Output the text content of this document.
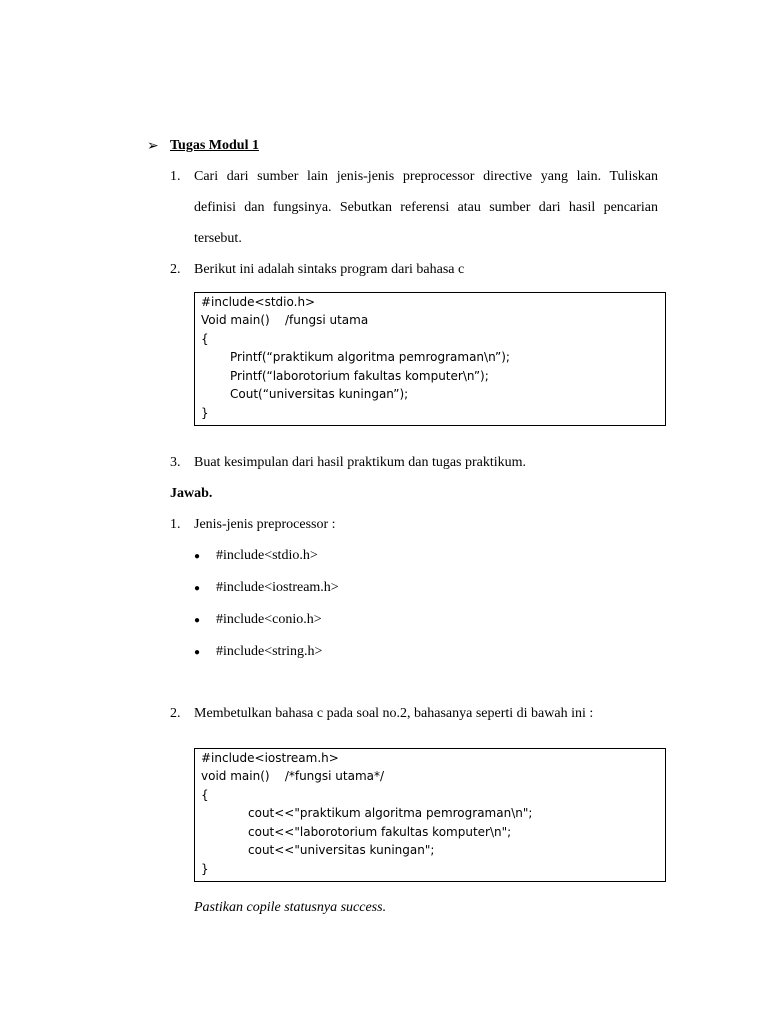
➢ Tugas Modul 1
1. Cari dari sumber lain jenis-jenis preprocessor directive yang lain. Tuliskan
definisi dan fungsinya. Sebutkan referensi atau sumber dari hasil pencarian
tersebut.
2. Berikut ini adalah sintaks program dari bahasa c
#include<stdio.h>
Void main()    /fungsi utama
{
Printf(“praktikum algoritma pemrograman\n”);
Printf(“laborotorium fakultas komputer\n”);
Cout(“universitas kuningan”);
}
3. Buat kesimpulan dari hasil praktikum dan tugas praktikum.
Jawab.
1. Jenis-jenis preprocessor :
● #include<stdio.h>
● #include<iostream.h>
● #include<conio.h>
● #include<string.h>
2. Membetulkan bahasa c pada soal no.2, bahasanya seperti di bawah ini :
#include<iostream.h>
void main()    /*fungsi utama*/
{
cout<<"praktikum algoritma pemrograman\n";
cout<<"laborotorium fakultas komputer\n";
cout<<"universitas kuningan";
}
Pastikan copile statusnya success.
